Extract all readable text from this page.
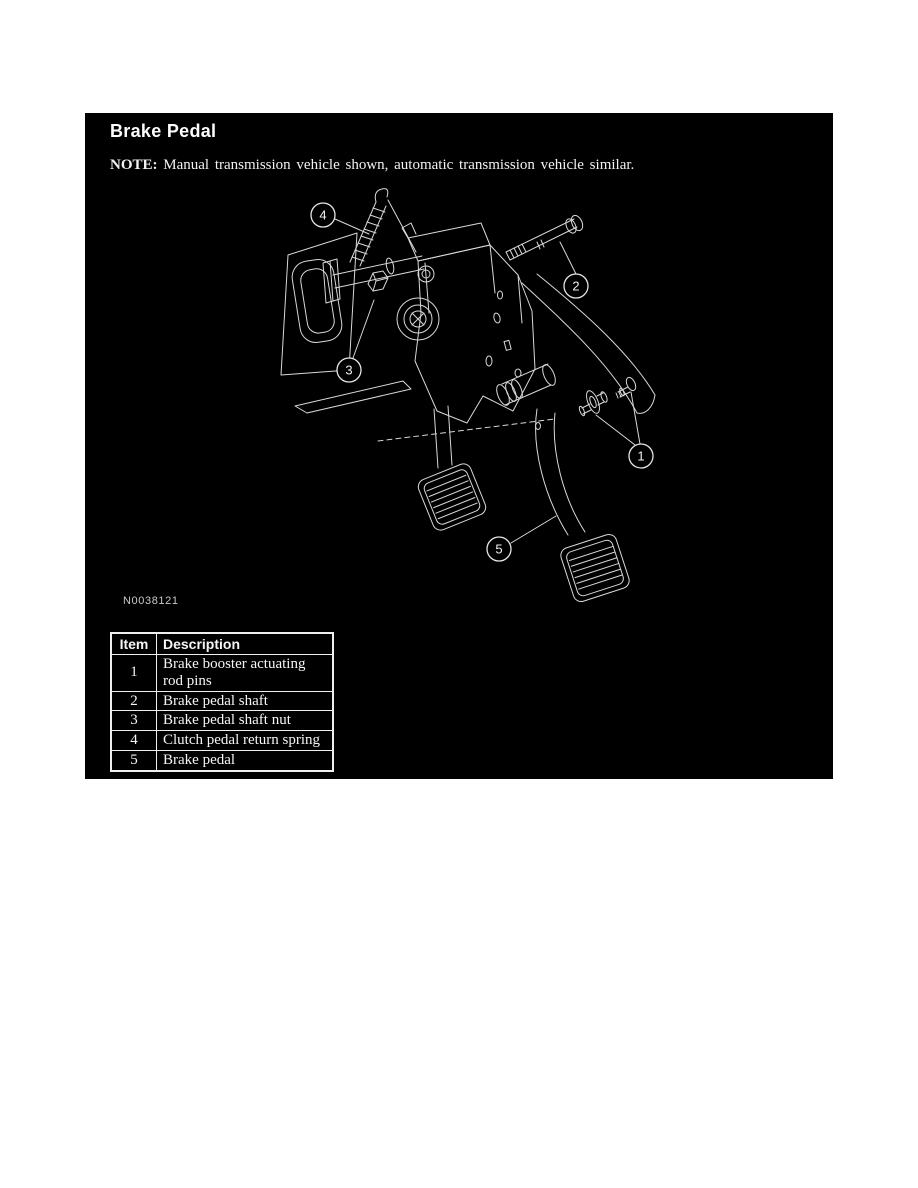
Brake Pedal
NOTE: Manual transmission vehicle shown, automatic transmission vehicle similar.
4
2
3
1
5
N0038121
Item	Description
1	Brake booster actuating rod pins
2	Brake pedal shaft
3	Brake pedal shaft nut
4	Clutch pedal return spring
5	Brake pedal
